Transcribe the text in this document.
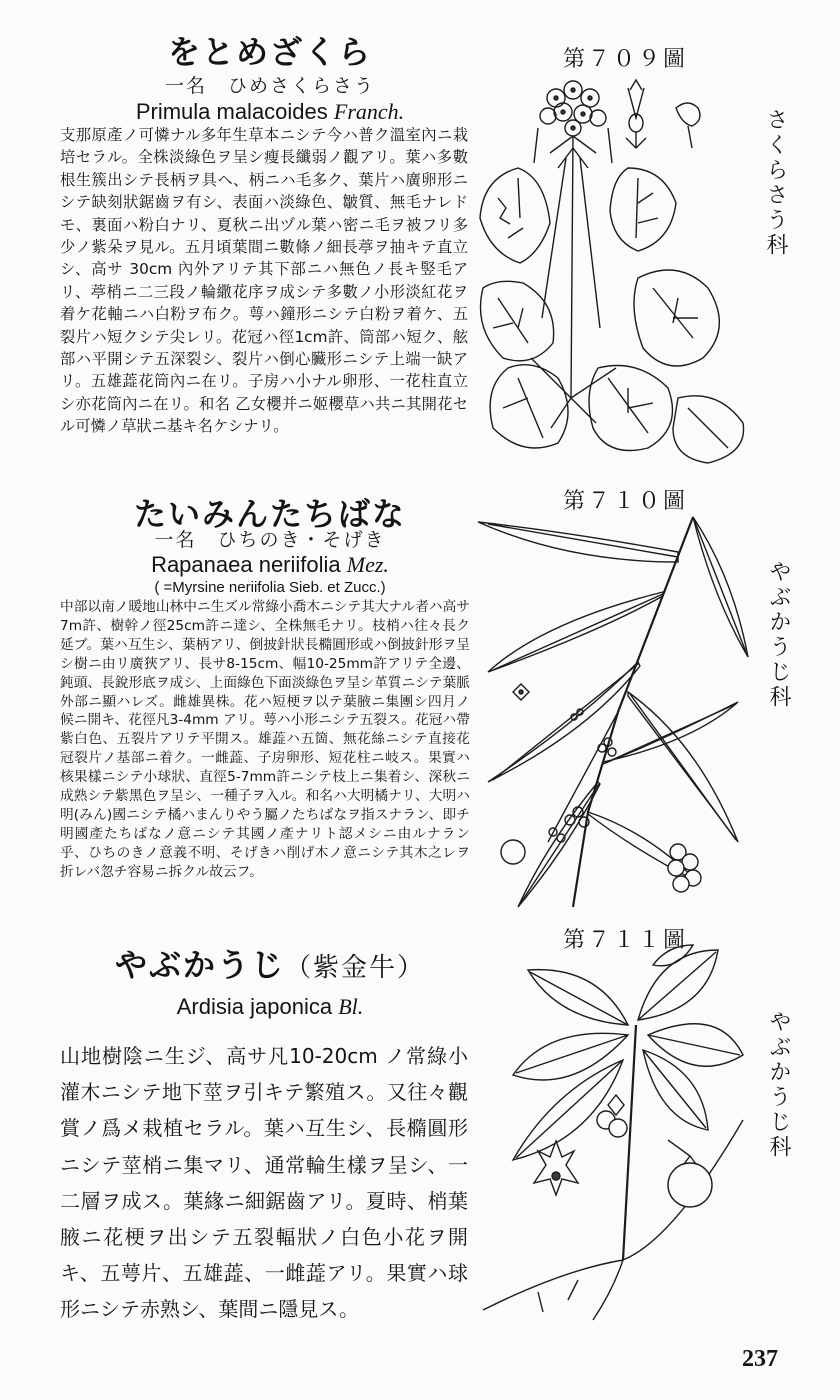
をとめざくら
一名　ひめさくらさう
Primula malacoides Franch.
支那原產ノ可憐ナル多年生草本ニシテ今ハ普ク溫室內ニ栽培セラル。全株淡綠色ヲ呈シ瘦長纖弱ノ觀アリ。葉ハ多數根生簇出シテ長柄ヲ具ヘ、柄ニハ毛多ク、葉片ハ廣卵形ニシテ缺刻狀鋸齒ヲ有シ、表面ハ淡綠色、皺質、無毛ナレドモ、裏面ハ粉白ナリ、夏秋ニ出ヅル葉ハ密ニ毛ヲ被フリ多少ノ紫朵ヲ見ル。五月頃葉間ニ數條ノ細長葶ヲ抽キテ直立シ、高サ 30cm 內外アリテ其下部ニハ無色ノ長キ竪毛アリ、葶梢ニ二三段ノ輪繖花序ヲ成シテ多數ノ小形淡紅花ヲ着ケ花軸ニハ白粉ヲ布ク。萼ハ鐘形ニシテ白粉ヲ着ケ、五裂片ハ短クシテ尖レリ。花冠ハ徑1cm許、筒部ハ短ク、舷部ハ平開シテ五深裂シ、裂片ハ倒心臟形ニシテ上端一缺アリ。五雄蕋花筒內ニ在リ。子房ハ小ナル卵形、一花柱直立シ亦花筒內ニ在リ。和名 乙女櫻并ニ姬櫻草ハ共ニ其開花セル可憐ノ草狀ニ基キ名ケシナリ。
第７０９圖
さくらさう科
たいみんたちばな
一名　ひちのき・そげき
Rapanaea neriifolia Mez.
( =Myrsine neriifolia Sieb. et Zucc.)
中部以南ノ暖地山林中ニ生ズル常綠小喬木ニシテ其大ナル者ハ高サ7m許、樹幹ノ徑25cm許ニ達シ、全株無毛ナリ。枝梢ハ往々長ク延ブ。葉ハ互生シ、葉柄アリ、倒披針狀長橢圓形或ハ倒披針形ヲ呈シ樹ニ由リ廣狹アリ、長サ8-15cm、幅10-25mm許アリテ全邊、鈍頭、長銳形底ヲ成シ、上面綠色下面淡綠色ヲ呈シ革質ニシテ葉脈外部ニ顯ハレズ。雌雄異株。花ハ短梗ヲ以テ葉腋ニ集團シ四月ノ候ニ開キ、花徑凡3-4mm アリ。萼ハ小形ニシテ五裂ス。花冠ハ帶紫白色、五裂片アリテ平開ス。雄蕋ハ五箇、無花絲ニシテ直接花冠裂片ノ基部ニ着ク。一雌蕋、子房卵形、短花柱ニ岐ス。果實ハ核果樣ニシテ小球狀、直徑5-7mm許ニシテ枝上ニ集着シ、深秋ニ成熟シテ紫黑色ヲ呈シ、一種子ヲ入ル。和名ハ大明橘ナリ、大明ハ明(みん)國ニシテ橘ハまんりやう屬ノたちばなヲ指スナラン、即チ明國產たちばなノ意ニシテ其國ノ產ナリト認メシニ由ルナラン乎、ひちのきノ意義不明、そげきハ削げ木ノ意ニシテ其木之レヲ折レバ忽チ容易ニ拆クル故云フ。
第７１０圖
やぶかうじ科
やぶかうじ（紫金牛）
Ardisia japonica Bl.
山地樹陰ニ生ジ、高サ凡10-20cm ノ常綠小灌木ニシテ地下莖ヲ引キテ繁殖ス。又往々觀賞ノ爲メ栽植セラル。葉ハ互生シ、長橢圓形ニシテ莖梢ニ集マリ、通常輪生樣ヲ呈シ、一二層ヲ成ス。葉緣ニ細鋸齒アリ。夏時、梢葉腋ニ花梗ヲ出シテ五裂輻狀ノ白色小花ヲ開キ、五萼片、五雄蕋、一雌蕋アリ。果實ハ球形ニシテ赤熟シ、葉間ニ隱見ス。
第７１１圖
やぶかうじ科
237
